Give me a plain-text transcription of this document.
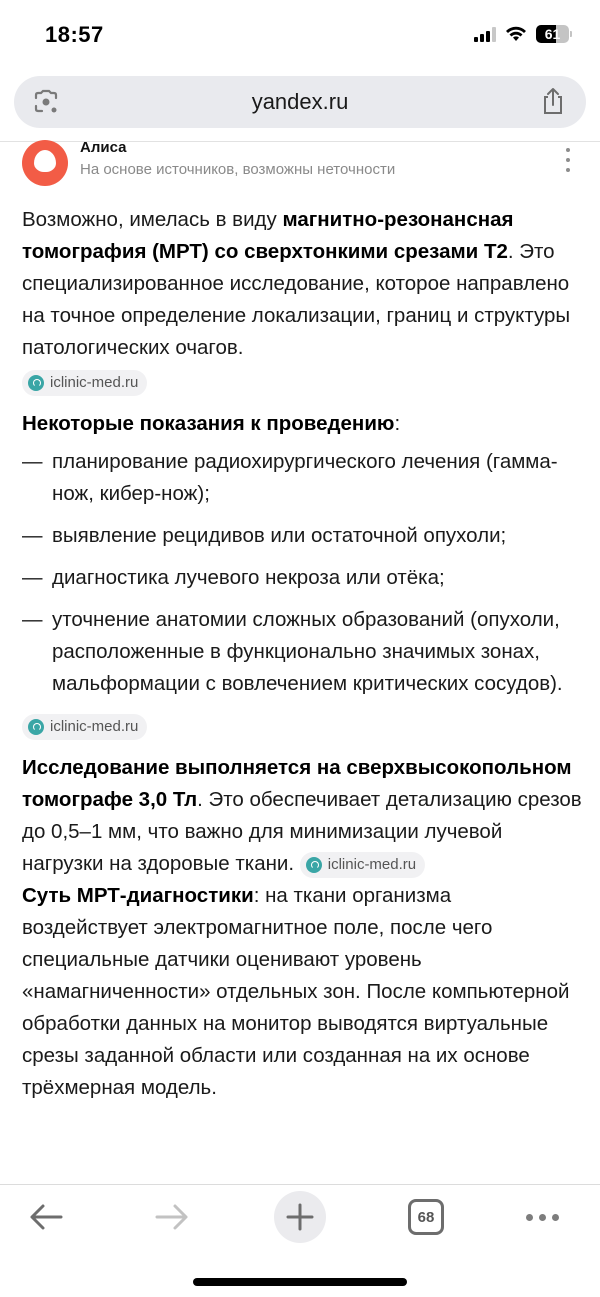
18:57	61
yandex.ru
Алиса
На основе источников, возможны неточности

Возможно, имелась в виду магнитно-резонансная томография (МРТ) со сверхтонкими срезами Т2. Это специализированное исследование, которое направлено на точное определение локализации, границ и структуры патологических очагов.

iclinic-med.ru

Некоторые показания к проведению:

— планирование радиохирургического лечения (гамма-нож, кибер-нож);
— выявление рецидивов или остаточной опухоли;
— диагностика лучевого некроза или отёка;
— уточнение анатомии сложных образований (опухоли, расположенные в функционально значимых зонах, мальформации с вовлечением критических сосудов).
iclinic-med.ru

Исследование выполняется на сверхвысокопольном томографе 3,0 Тл. Это обеспечивает детализацию срезов до 0,5–1 мм, что важно для минимизации лучевой нагрузки на здоровые ткани. iclinic-med.ru

Суть МРТ-диагностики: на ткани организма воздействует электромагнитное поле, после чего специальные датчики оценивают уровень «намагниченности» отдельных зон. После компьютерной обработки данных на монитор выводятся виртуальные срезы заданной области или созданная на их основе трёхмерная модель.

68
